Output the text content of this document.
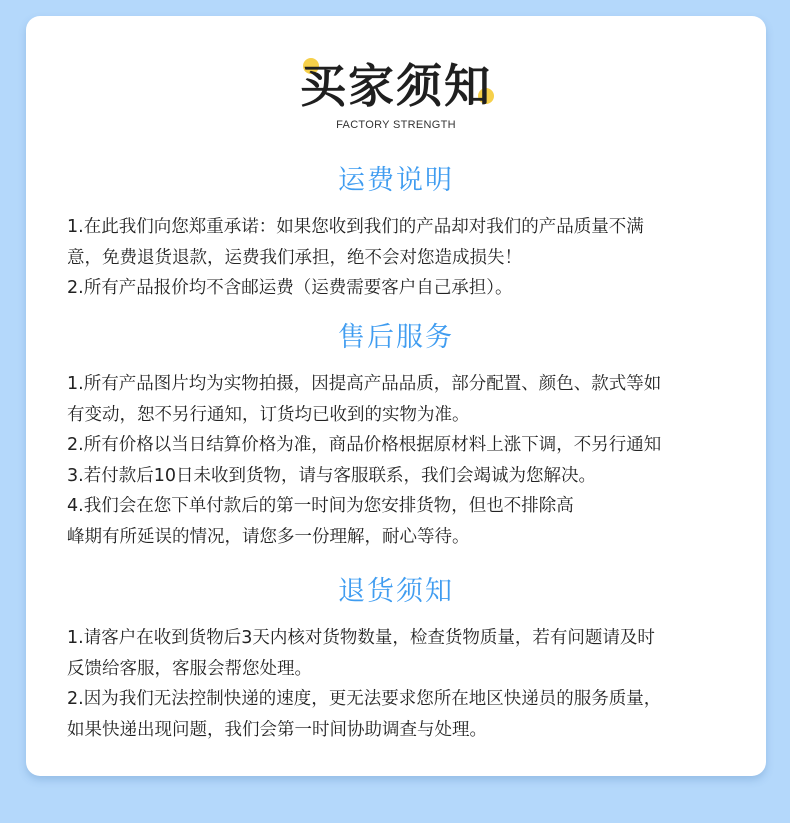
买家须知
FACTORY STRENGTH
运费说明
1.在此我们向您郑重承诺：如果您收到我们的产品却对我们的产品质量不满
意，免费退货退款，运费我们承担，绝不会对您造成损失！
2.所有产品报价均不含邮运费（运费需要客户自己承担）。
售后服务
1.所有产品图片均为实物拍摄，因提高产品品质，部分配置、颜色、款式等如
有变动，恕不另行通知，订货均已收到的实物为准。
2.所有价格以当日结算价格为准，商品价格根据原材料上涨下调，不另行通知
3.若付款后10日未收到货物，请与客服联系，我们会竭诚为您解决。
4.我们会在您下单付款后的第一时间为您安排货物，但也不排除高
峰期有所延误的情况，请您多一份理解，耐心等待。
退货须知
1.请客户在收到货物后3天内核对货物数量，检查货物质量，若有问题请及时
反馈给客服，客服会帮您处理。
2.因为我们无法控制快递的速度，更无法要求您所在地区快递员的服务质量，
如果快递出现问题，我们会第一时间协助调查与处理。
